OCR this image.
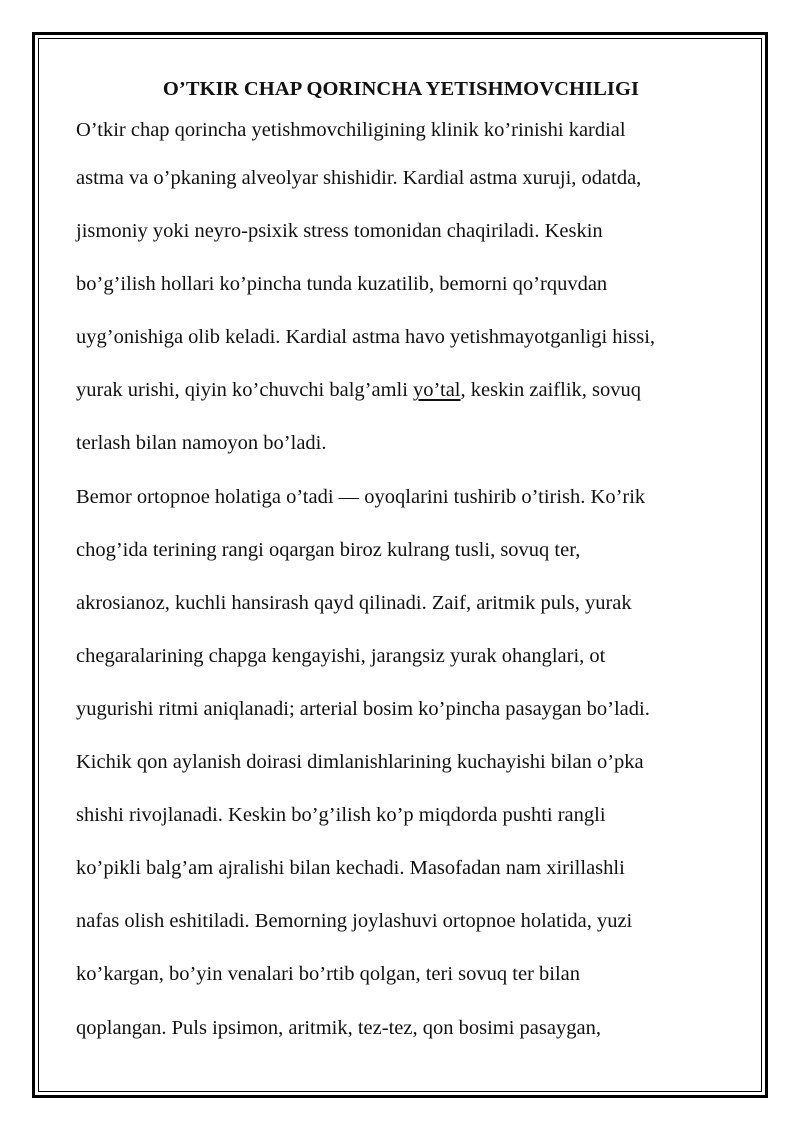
O’TKIR CHAP QORINCHA YETISHMOVCHILIGI

O’tkir chap qorincha yetishmovchiligining klinik ko’rinishi kardial
astma va o’pkaning alveolyar shishidir. Kardial astma xuruji, odatda,
jismoniy yoki neyro-psixik stress tomonidan chaqiriladi. Keskin
bo’g’ilish hollari ko’pincha tunda kuzatilib, bemorni qo’rquvdan
uyg’onishiga olib keladi. Kardial astma havo yetishmayotganligi hissi,
yurak urishi, qiyin ko’chuvchi balg’amli yo’tal, keskin zaiflik, sovuq
terlash bilan namoyon bo’ladi.

Bemor ortopnoe holatiga o’tadi — oyoqlarini tushirib o’tirish. Ko’rik
chog’ida terining rangi oqargan biroz kulrang tusli, sovuq ter,
akrosianoz, kuchli hansirash qayd qilinadi. Zaif, aritmik puls, yurak
chegaralarining chapga kengayishi, jarangsiz yurak ohanglari, ot
yugurishi ritmi aniqlanadi; arterial bosim ko’pincha pasaygan bo’ladi.
Kichik qon aylanish doirasi dimlanishlarining kuchayishi bilan o’pka
shishi rivojlanadi. Keskin bo’g’ilish ko’p miqdorda pushti rangli
ko’pikli balg’am ajralishi bilan kechadi. Masofadan nam xirillashli
nafas olish eshitiladi. Bemorning joylashuvi ortopnoe holatida, yuzi
ko’kargan, bo’yin venalari bo’rtib qolgan, teri sovuq ter bilan
qoplangan. Puls ipsimon, aritmik, tez-tez, qon bosimi pasaygan,
